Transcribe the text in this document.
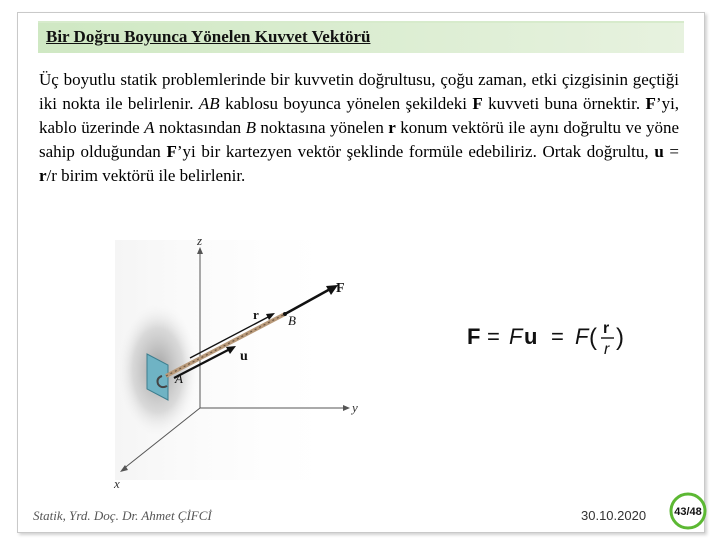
Bir Doğru Boyunca Yönelen Kuvvet Vektörü
Üç boyutlu statik problemlerinde bir kuvvetin doğrultusu, çoğu zaman, etki çizgisinin geçtiği iki nokta ile belirlenir. AB kablosu boyunca yönelen şekildeki F kuvveti buna örnektir. F’yi, kablo üzerinde A noktasından B noktasına yönelen r konum vektörü ile aynı doğrultu ve yöne sahip olduğundan F’yi bir kartezyen vektör şeklinde formüle edebiliriz. Ortak doğrultu, u = r/r birim vektörü ile belirlenir.
z
y
x
F
r B
u
A
F = F u = F ( r
r )
Statik, Yrd. Doç. Dr. Ahmet ÇİFCİ	30.10.2020	43/48
